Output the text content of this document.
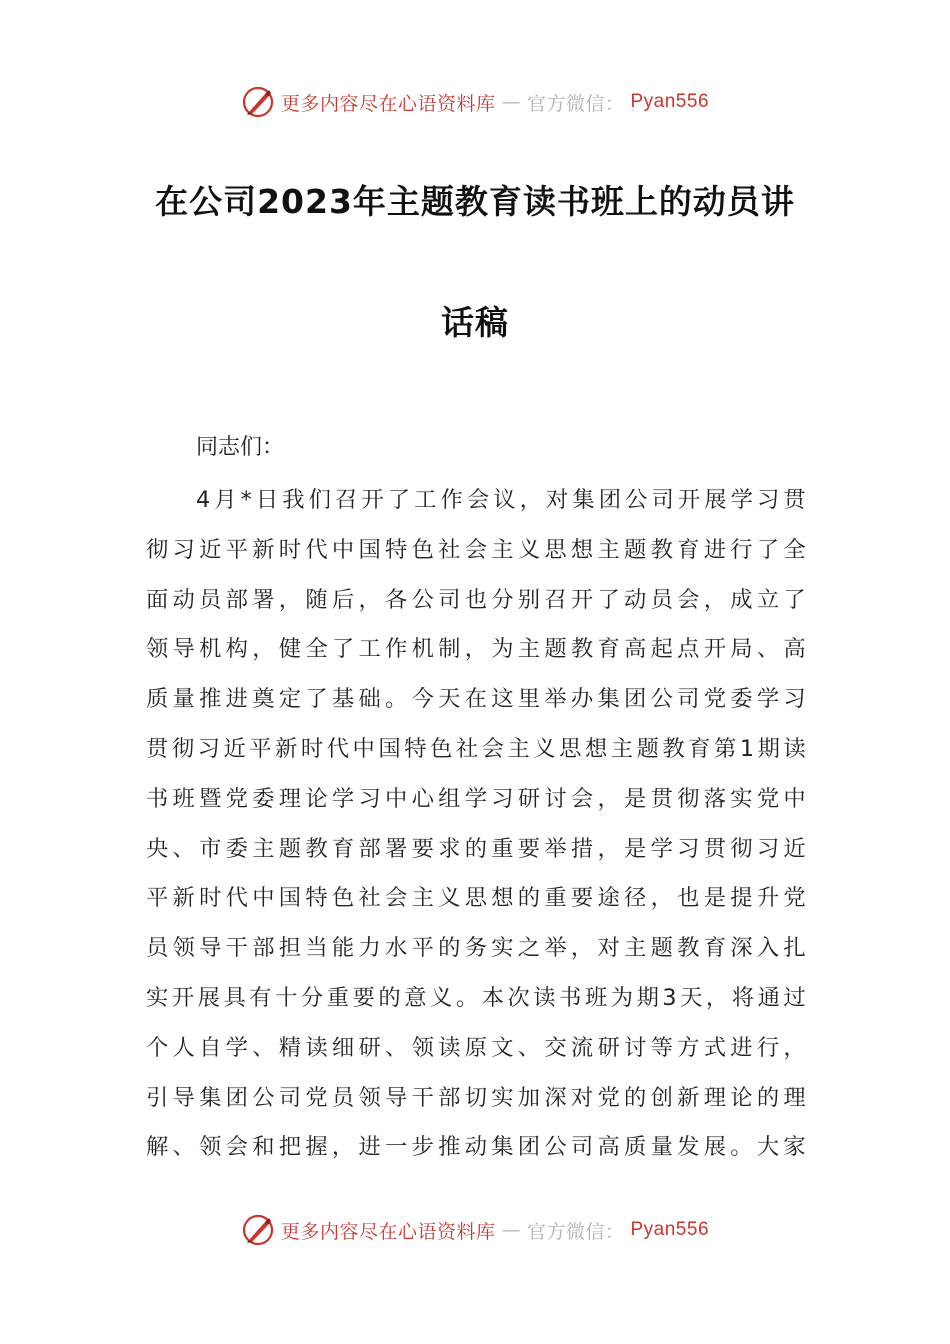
更多内容尽在心语资料库 — 官方微信： Pyan556
在公司2023年主题教育读书班上的动员讲
话稿

同志们：

4月*日我们召开了工作会议，对集团公司开展学习贯
彻习近平新时代中国特色社会主义思想主题教育进行了全
面动员部署，随后，各公司也分别召开了动员会，成立了
领导机构，健全了工作机制，为主题教育高起点开局、高
质量推进奠定了基础。今天在这里举办集团公司党委学习
贯彻习近平新时代中国特色社会主义思想主题教育第1期读
书班暨党委理论学习中心组学习研讨会，是贯彻落实党中
央、市委主题教育部署要求的重要举措，是学习贯彻习近
平新时代中国特色社会主义思想的重要途径，也是提升党
员领导干部担当能力水平的务实之举，对主题教育深入扎
实开展具有十分重要的意义。本次读书班为期3天，将通过
个人自学、精读细研、领读原文、交流研讨等方式进行，
引导集团公司党员领导干部切实加深对党的创新理论的理
解、领会和把握，进一步推动集团公司高质量发展。大家
更多内容尽在心语资料库 — 官方微信： Pyan556
